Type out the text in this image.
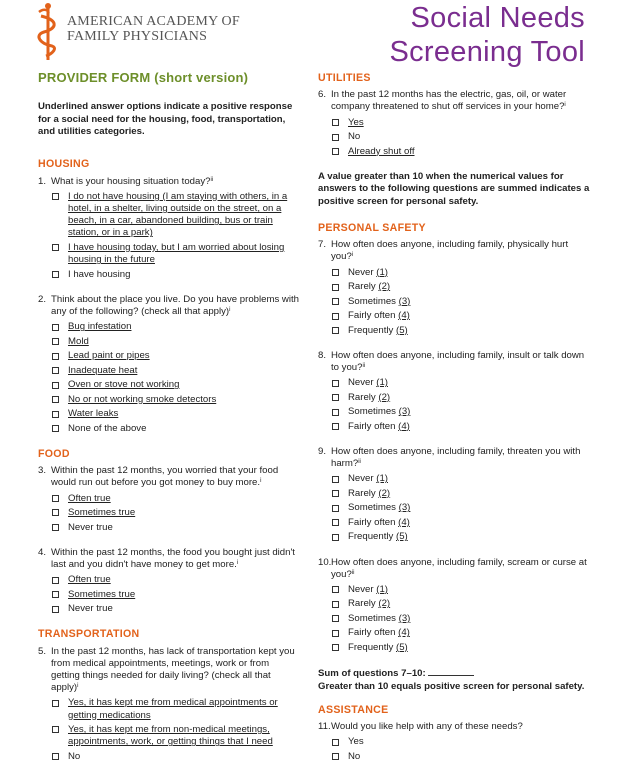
AMERICAN ACADEMY OF
FAMILY PHYSICIANS
Social Needs
Screening Tool
PROVIDER FORM (short version)
Underlined answer options indicate a positive response for a social need for the housing, food, transportation, and utilities categories.
HOUSING
1. What is your housing situation today?$^{ii}$
I do not have housing (I am staying with others, in a hotel, in a shelter, living outside on the street, on a beach, in a car, abandoned building, bus or train station, or in a park)
I have housing today, but I am worried about losing housing in the future
I have housing
2. Think about the place you live. Do you have problems with any of the following? (check all that apply)$^i$
Bug infestation
Mold
Lead paint or pipes
Inadequate heat
Oven or stove not working
No or not working smoke detectors
Water leaks
None of the above
FOOD
3. Within the past 12 months, you worried that your food would run out before you got money to buy more.$^i$
Often true
Sometimes true
Never true
4. Within the past 12 months, the food you bought just didn't last and you didn't have money to get more.$^i$
Often true
Sometimes true
Never true
TRANSPORTATION
5. In the past 12 months, has lack of transportation kept you from medical appointments, meetings, work or from getting things needed for daily living? (check all that apply)$^i$
Yes, it has kept me from medical appointments or getting medications
Yes, it has kept me from non-medical meetings, appointments, work, or getting things that I need
No
UTILITIES
6. In the past 12 months has the electric, gas, oil, or water company threatened to shut off services in your home?$^i$
Yes
No
Already shut off
A value greater than 10 when the numerical values for answers to the following questions are summed indicates a positive screen for personal safety.
PERSONAL SAFETY
7. How often does anyone, including family, physically hurt you?$^i$
Never (1)
Rarely (2)
Sometimes (3)
Fairly often (4)
Frequently (5)
8. How often does anyone, including family, insult or talk down to you?$^{ii}$
Never (1)
Rarely (2)
Sometimes (3)
Fairly often (4)
9. How often does anyone, including family, threaten you with harm?$^{ii}$
Never (1)
Rarely (2)
Sometimes (3)
Fairly often (4)
Frequently (5)
10. How often does anyone, including family, scream or curse at you?$^{ii}$
Never (1)
Rarely (2)
Sometimes (3)
Fairly often (4)
Frequently (5)
Sum of questions 7–10:
Greater than 10 equals positive screen for personal safety.
ASSISTANCE
11. Would you like help with any of these needs?
Yes
No
